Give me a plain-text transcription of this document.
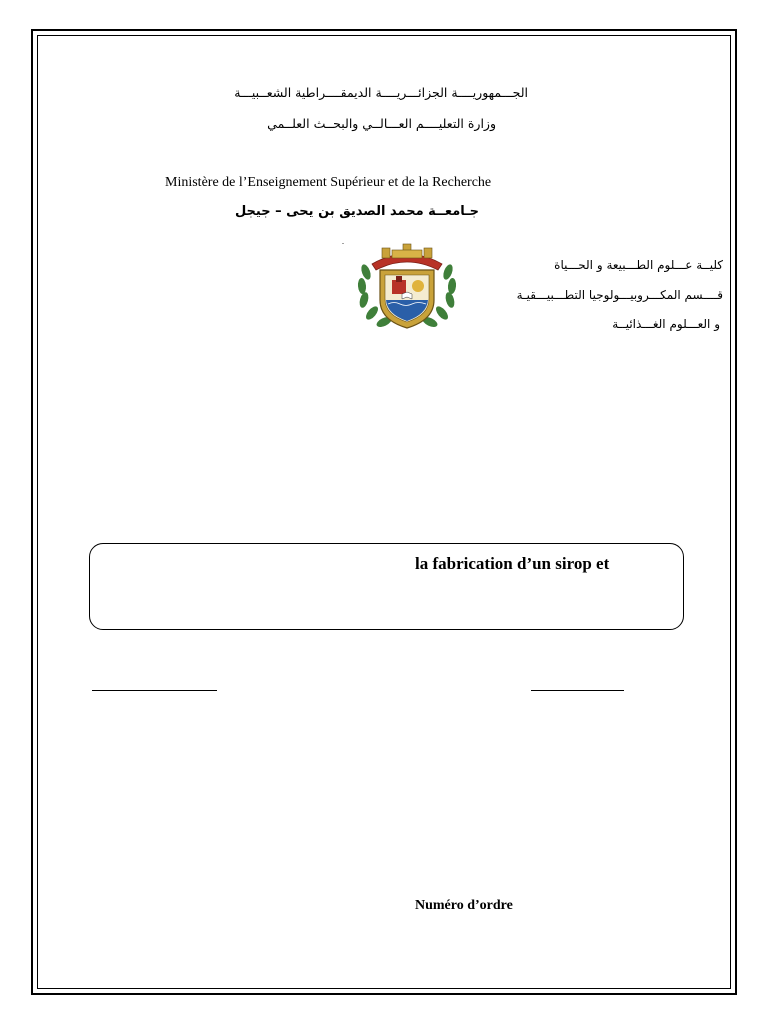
الجـــمهوريــــة الجزائـــريــــة الديمقــــراطية الشعــبيـــة
وزارة التعليــــم العـــالــي والبحــث العلــمي
Ministère de l’Enseignement Supérieur et de la Recherche
جـامعــة محمد الصديق بن يحى – جيجل
.
كليــة عـــلوم الطـــبيعة و الحـــياة
قــــسم المكـــروبيـــولوجيا التطـــبيـــقيـة
و العـــلوم الغـــذائيــة
la fabrication d’un sirop et
Numéro d’ordre
